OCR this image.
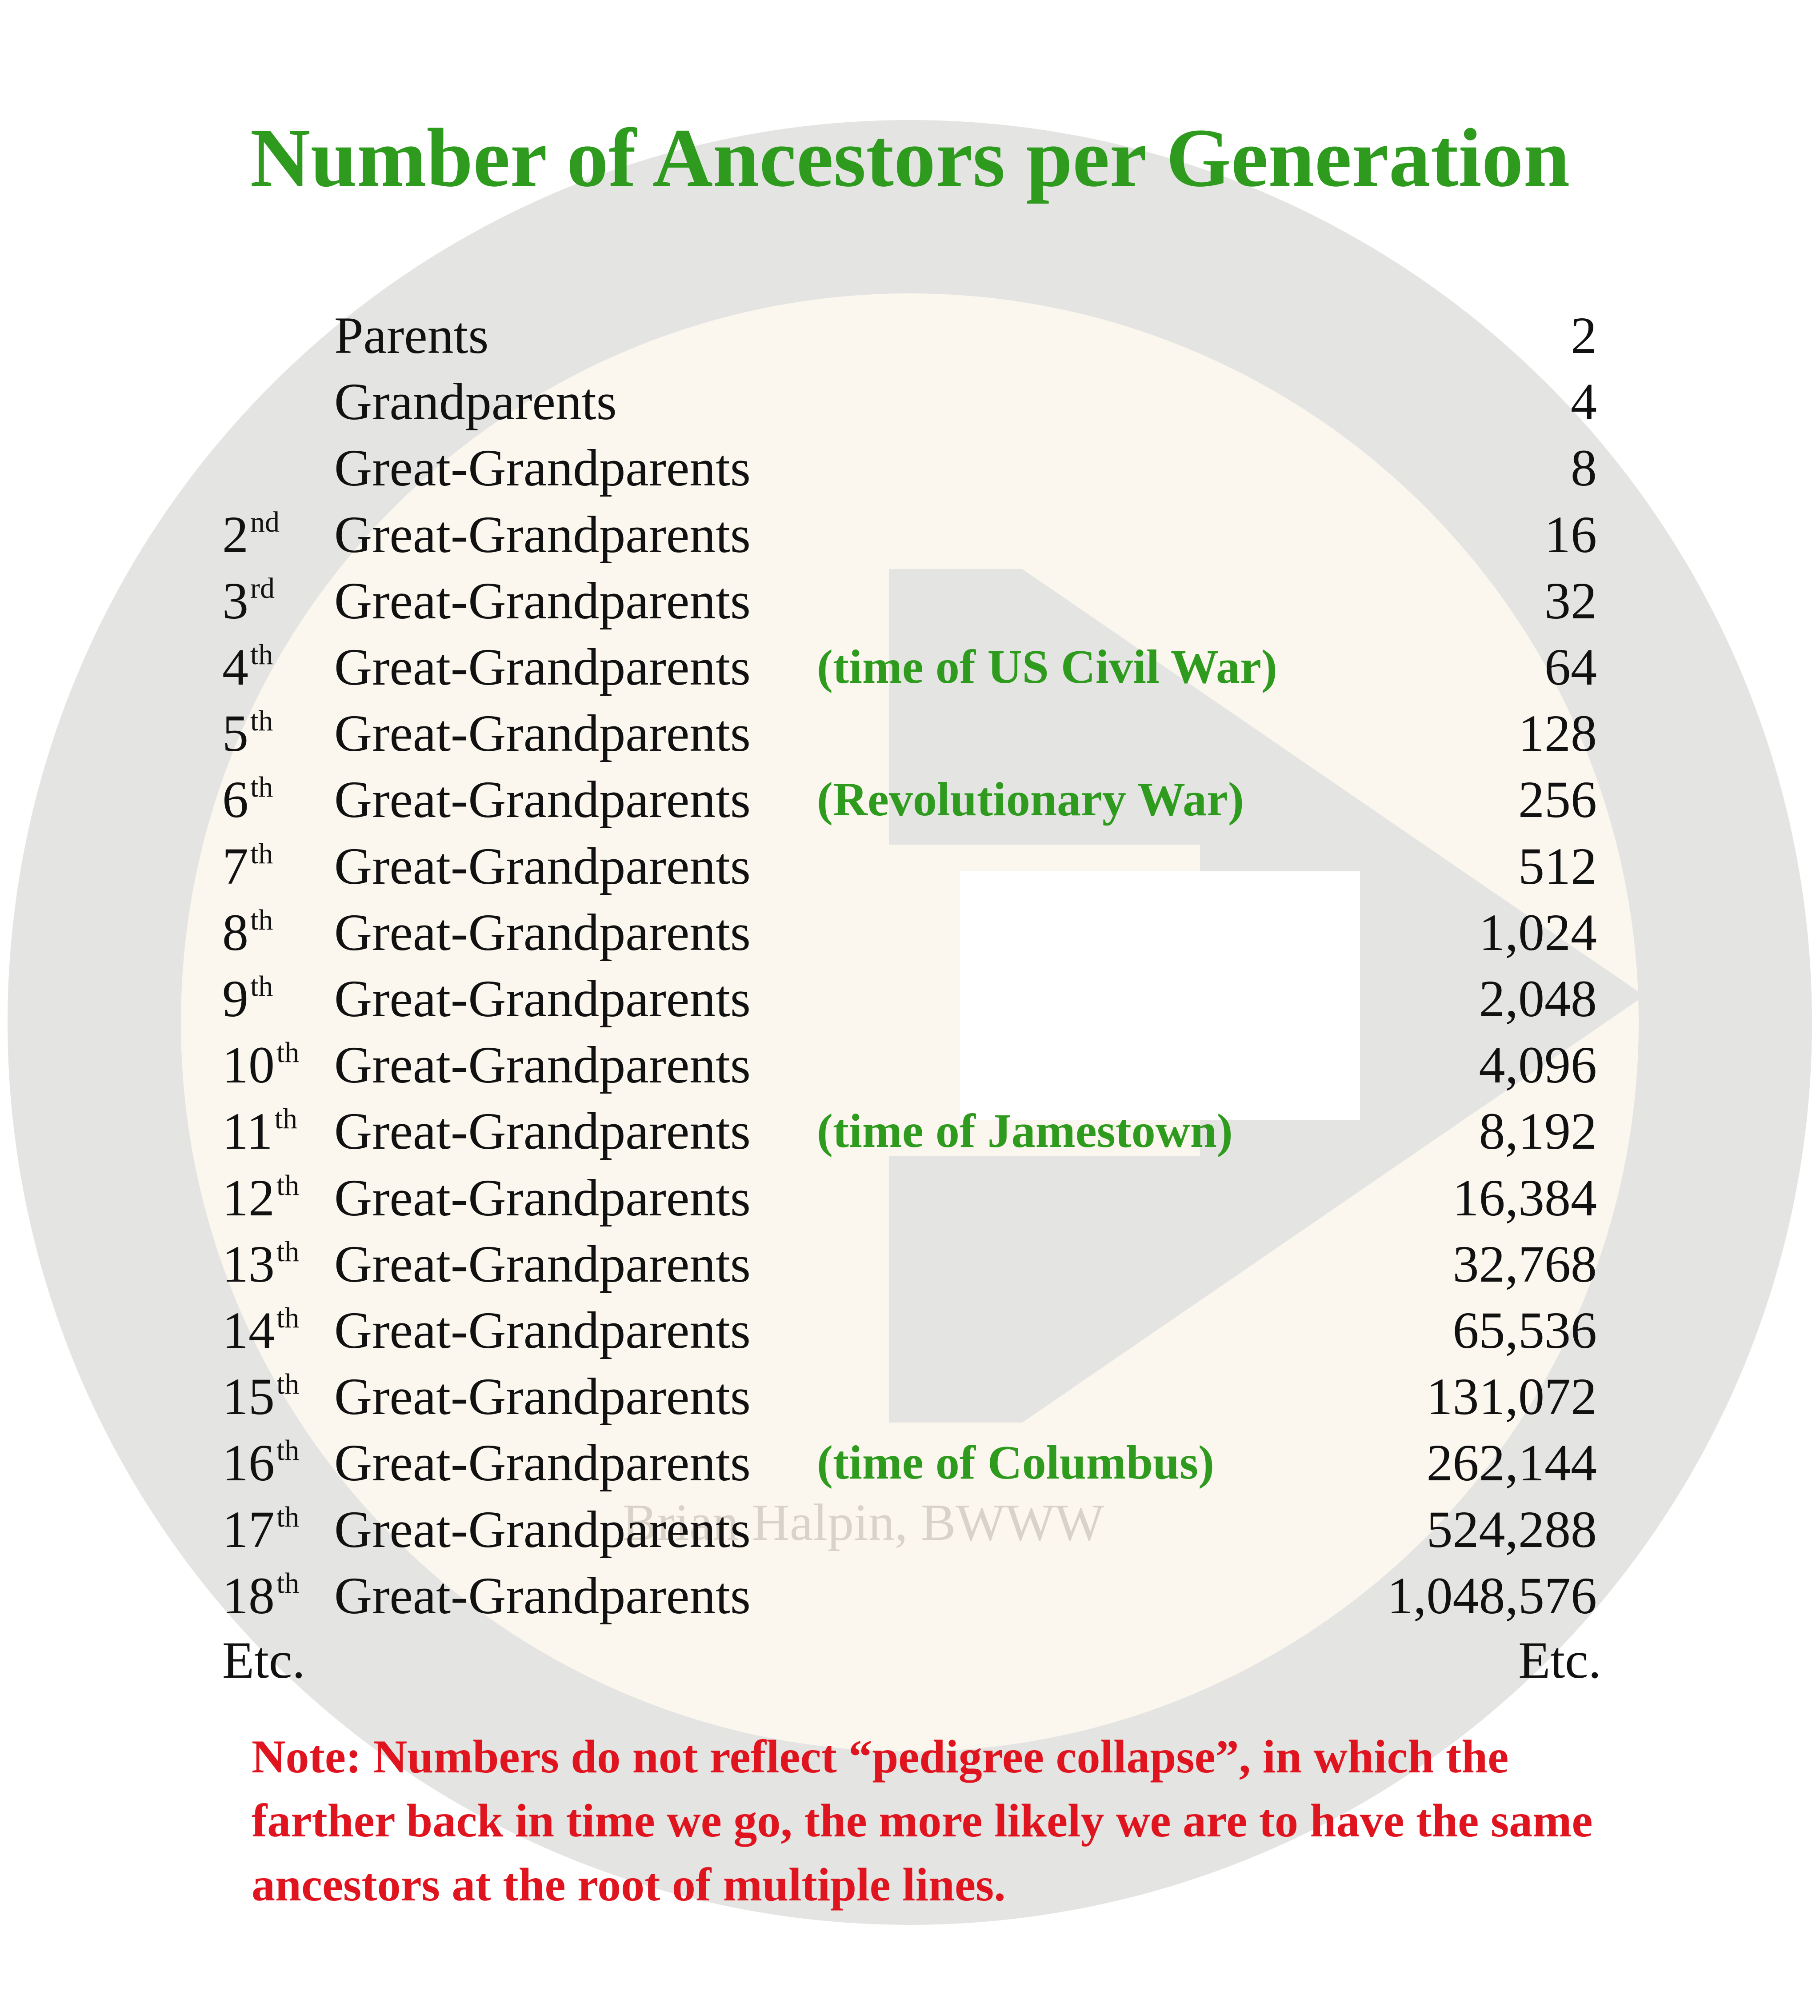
Number of Ancestors per Generation
Brian Halpin, BWWW
Parents	2
Grandparents	4
Great-Grandparents	8
2nd Great-Grandparents	16
3rd Great-Grandparents	32
4th Great-Grandparents (time of US Civil War)	64
5th Great-Grandparents	128
6th Great-Grandparents (Revolutionary War)	256
7th Great-Grandparents	512
8th Great-Grandparents	1,024
9th Great-Grandparents	2,048
10th Great-Grandparents	4,096
11th Great-Grandparents (time of Jamestown)	8,192
12th Great-Grandparents	16,384
13th Great-Grandparents	32,768
14th Great-Grandparents	65,536
15th Great-Grandparents	131,072
16th Great-Grandparents (time of Columbus)	262,144
17th Great-Grandparents	524,288
18th Great-Grandparents	1,048,576
Etc.	Etc.
Note: Numbers do not reflect “pedigree collapse”, in which the farther back in time we go, the more likely we are to have the same ancestors at the root of multiple lines.
